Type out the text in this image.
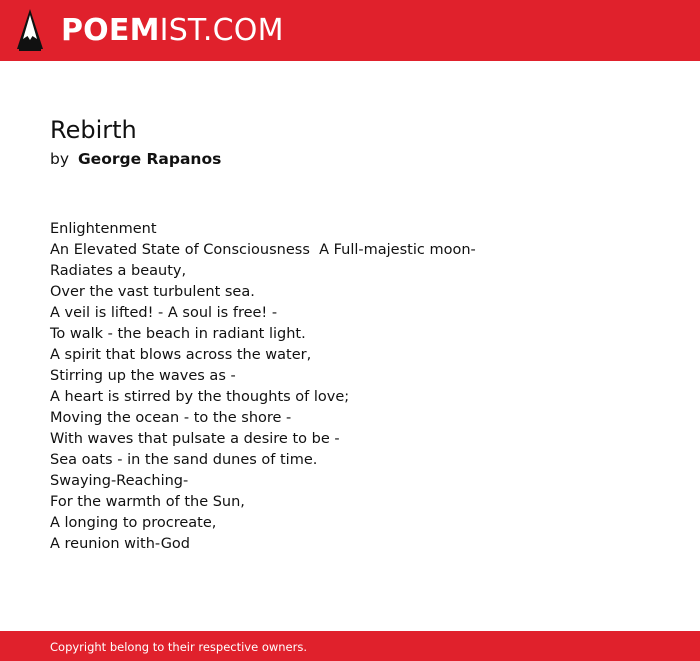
POEMIST.COM
Rebirth
by George Rapanos
Enlightenment
An Elevated State of Consciousness  A Full-majestic moon-
Radiates a beauty,
Over the vast turbulent sea.
A veil is lifted! - A soul is free! -
To walk - the beach in radiant light.
A spirit that blows across the water,
Stirring up the waves as -
A heart is stirred by the thoughts of love;
Moving the ocean - to the shore -
With waves that pulsate a desire to be -
Sea oats - in the sand dunes of time.
Swaying-Reaching-
For the warmth of the Sun,
A longing to procreate,
A reunion with-God
Copyright belong to their respective owners.
